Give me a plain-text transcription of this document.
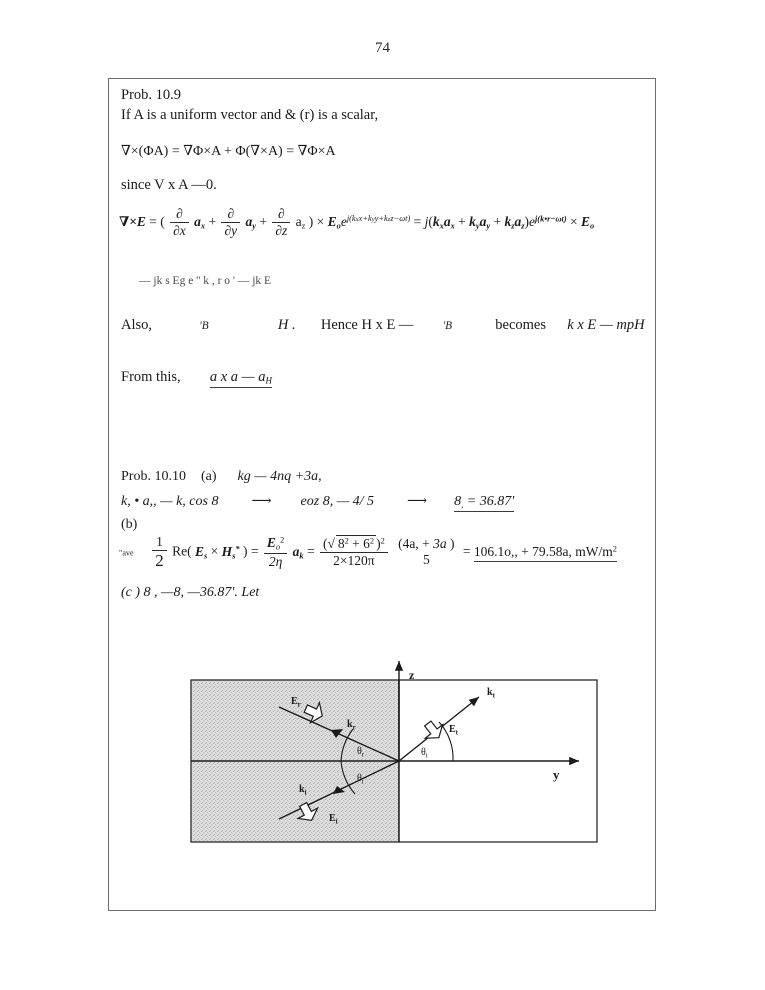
74
Prob. 10.9
If A is a uniform vector and & (r) is a scalar,
∇×(ΦA) = ∇Φ×A + Φ(∇×A) = ∇Φ×A
since V x A —0.
∇×E = ( $\frac{\partial}{\partial x} a_x + \frac{\partial}{\partial y} a_y + \frac{\partial}{\partial z} a_z$ ) × $E_oe^{j(kxx+kyy+kzz-\omega t)} = j(k_xa_x + k_ya_y + k_za_z)e^{j(k•r-\omega t)} \times E_o$
— jk s Eg e '' k , r o ' — jk E
Also,	'B	H . Hence H x E —	'B	becomes k x E — mpH
From this, a x a — $a_H$
Prob. 10.10 (a) kg — 4nq +3a,
k, • a,, — k, cos 8 ⟶ eoz 8, — 4/ 5 ⟶ $8_, = 36.87'$
(b)
"ave $\frac{1}{2} Re$( $E_s \times H_s^*$ ) = $\frac{E_o^2}{2\eta} a_k = \frac{(√ 8^2 + 6^2 )^2}{2\times 120\pi}$
(4a, + 3a )
5
= 106.1o,, + 79.58a, $mW/m^2$
(c ) 8 , —8, —36.87'. Let
z
y
$k_r$
$k_i$
$k_t$
$E_r$
$E_i$
$E_t$
$\theta_r$
$\theta_i$
$\theta_t$
